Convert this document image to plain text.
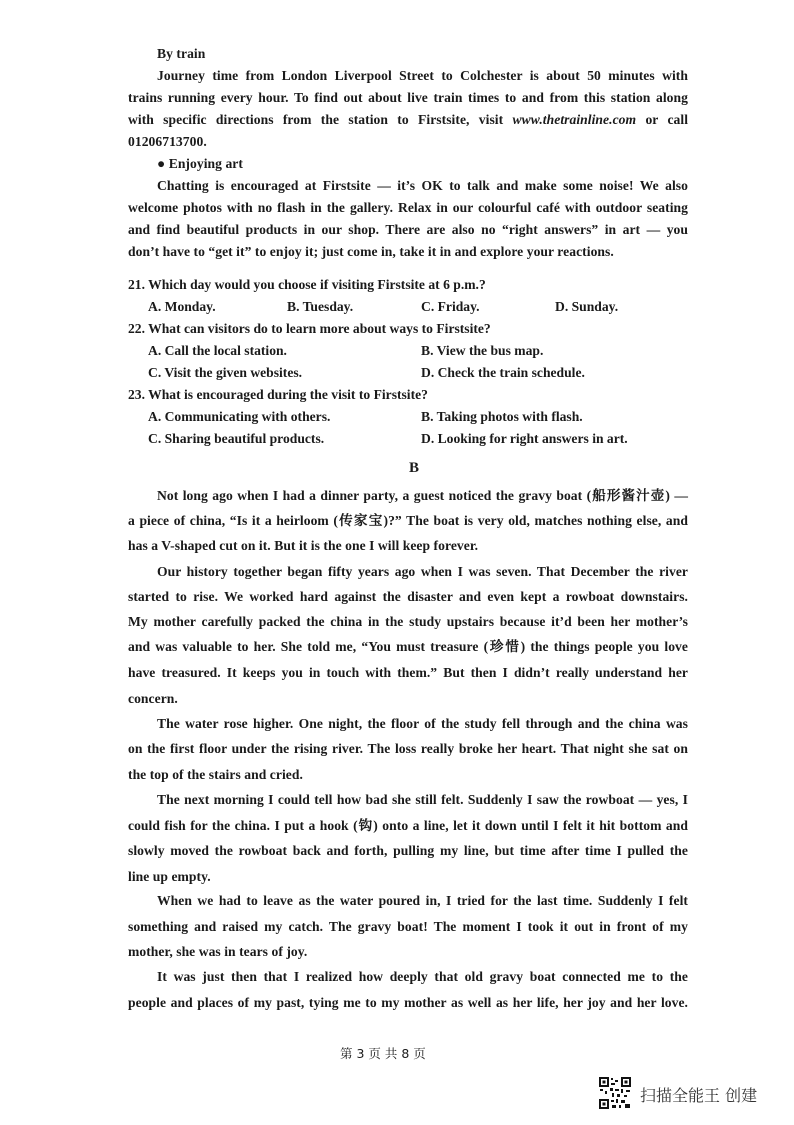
By train
Journey time from London Liverpool Street to Colchester is about 50 minutes with
trains running every hour. To find out about live train times to and from this station along
with specific directions from the station to Firstsite, visit www.thetrainline.com or call
01206713700.
● Enjoying art
Chatting is encouraged at Firstsite — it’s OK to talk and make some noise! We also
welcome photos with no flash in the gallery. Relax in our colourful café with outdoor seating
and find beautiful products in our shop. There are also no “right answers” in art — you
don’t have to “get it” to enjoy it; just come in, take it in and explore your reactions.
21. Which day would you choose if visiting Firstsite at 6 p.m.?
A. Monday.	B. Tuesday.	C. Friday.	D. Sunday.
22. What can visitors do to learn more about ways to Firstsite?
A. Call the local station.	B. View the bus map.
C. Visit the given websites.	D. Check the train schedule.
23. What is encouraged during the visit to Firstsite?
A. Communicating with others.	B. Taking photos with flash.
C. Sharing beautiful products.	D. Looking for right answers in art.
B
Not long ago when I had a dinner party, a guest noticed the gravy boat (船形酱汁壶) —
a piece of china, “Is it a heirloom (传家宝)?” The boat is very old, matches nothing else, and
has a V-shaped cut on it. But it is the one I will keep forever.
Our history together began fifty years ago when I was seven. That December the river
started to rise. We worked hard against the disaster and even kept a rowboat downstairs.
My mother carefully packed the china in the study upstairs because it’d been her mother’s
and was valuable to her. She told me, “You must treasure (珍惜) the things people you love
have treasured. It keeps you in touch with them.” But then I didn’t really understand her
concern.
The water rose higher. One night, the floor of the study fell through and the china was
on the first floor under the rising river. The loss really broke her heart. That night she sat on
the top of the stairs and cried.
The next morning I could tell how bad she still felt. Suddenly I saw the rowboat — yes, I
could fish for the china. I put a hook (钩) onto a line, let it down until I felt it hit bottom and
slowly moved the rowboat back and forth, pulling my line, but time after time I pulled the
line up empty.
When we had to leave as the water poured in, I tried for the last time. Suddenly I felt
something and raised my catch. The gravy boat! The moment I took it out in front of my
mother, she was in tears of joy.
It was just then that I realized how deeply that old gravy boat connected me to the
people and places of my past, tying me to my mother as well as her life, her joy and her love.
第 3 页 共 8 页
扫描全能王 创建
